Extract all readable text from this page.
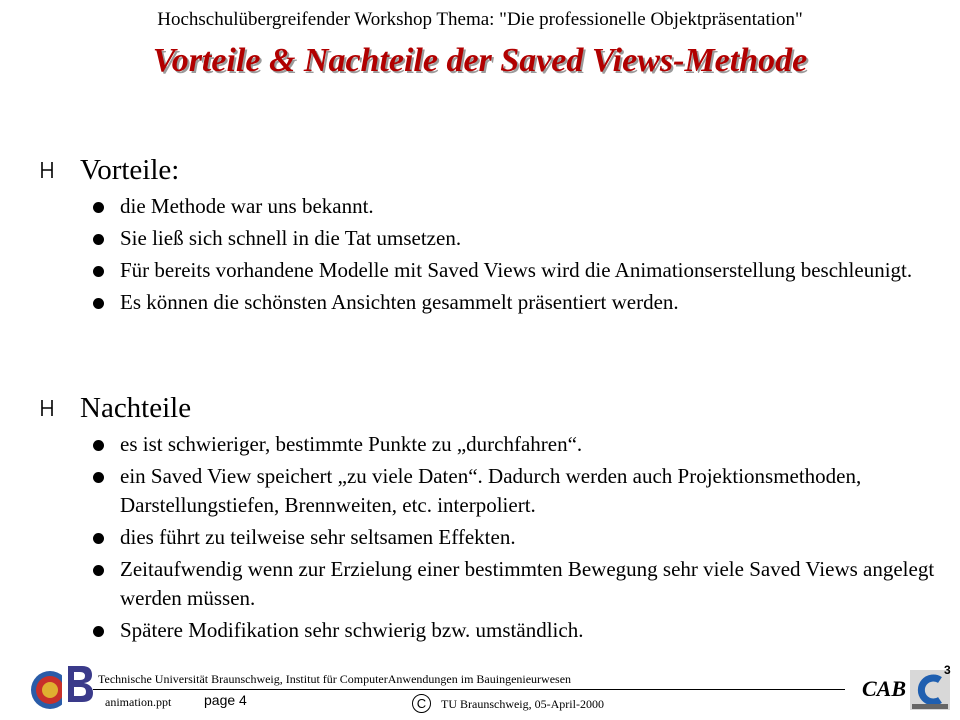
Hochschulübergreifender Workshop Thema: "Die professionelle Objektpräsentation"
Vorteile & Nachteile der Saved Views-Methode
Vorteile:
die Methode war uns bekannt.
Sie ließ sich schnell in die Tat umsetzen.
Für bereits vorhandene Modelle mit Saved Views wird die Animationserstellung beschleunigt.
Es können die schönsten Ansichten gesammelt präsentiert werden.
Nachteile
es ist schwieriger, bestimmte Punkte zu „durchfahren“.
ein Saved View speichert „zu viele Daten“. Dadurch werden auch Projektionsmethoden, Darstellungstiefen, Brennweiten, etc. interpoliert.
dies führt zu teilweise sehr seltsamen Effekten.
Zeitaufwendig wenn zur Erzielung einer bestimmten Bewegung sehr viele Saved Views angelegt werden müssen.
Spätere Modifikation sehr schwierig bzw. umständlich.
Technische Universität Braunschweig, Institut für ComputerAnwendungen im Bauingenieurwesen
animation.ppt page 4	C	TU Braunschweig, 05-April-2000
CAB
3
